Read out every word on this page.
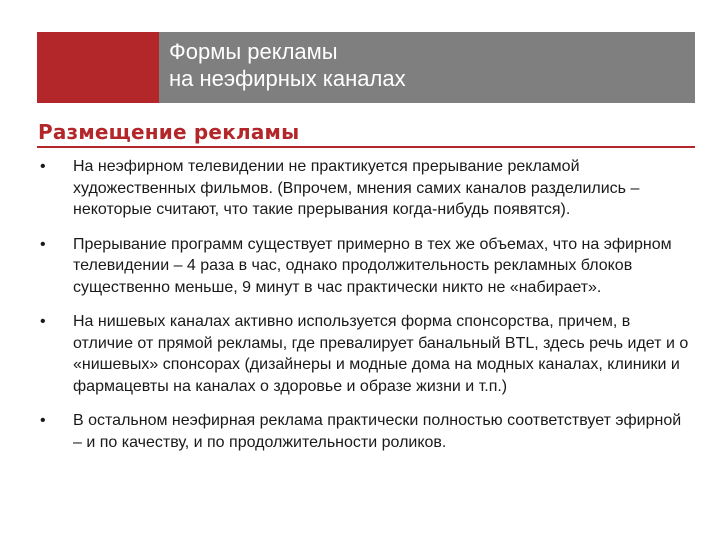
Формы рекламы
на неэфирных каналах
Размещение рекламы
• На неэфирном телевидении не практикуется прерывание рекламой художественных фильмов. (Впрочем, мнения самих каналов разделились – некоторые считают, что такие прерывания когда-нибудь появятся).
• Прерывание программ существует примерно в тех же объемах, что на эфирном телевидении – 4 раза в час, однако продолжительность рекламных блоков существенно меньше, 9 минут в час практически никто не «набирает».
• На нишевых каналах активно используется форма спонсорства, причем, в отличие от прямой рекламы, где превалирует банальный BTL, здесь речь идет и о «нишевых» спонсорах (дизайнеры и модные дома на модных каналах, клиники и фармацевты на каналах о здоровье и образе жизни и т.п.)
• В остальном неэфирная реклама практически полностью соответствует эфирной – и по качеству, и по продолжительности роликов.
